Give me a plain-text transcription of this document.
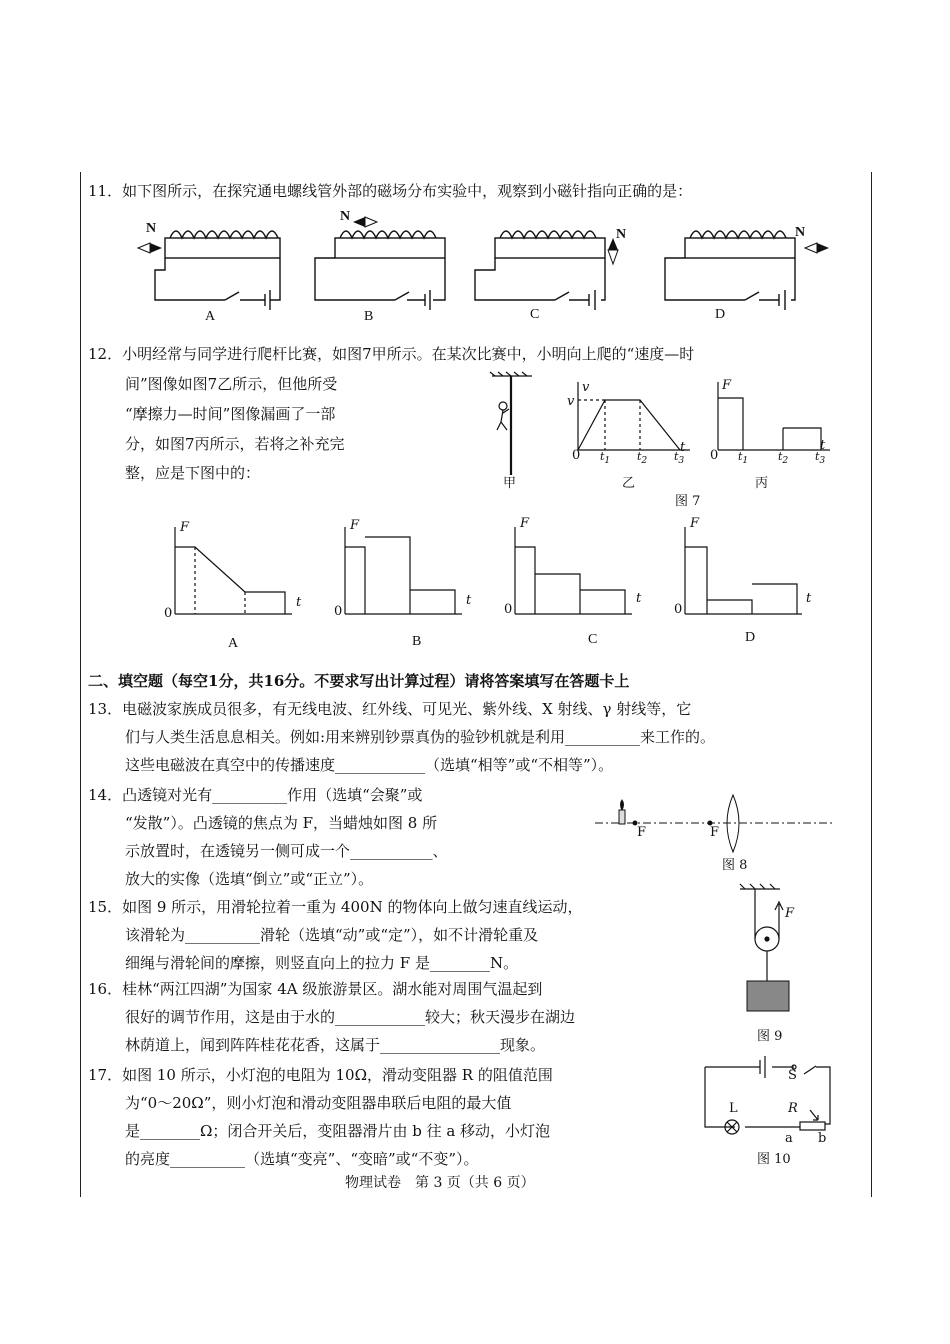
11．如下图所示，在探究通电螺线管外部的磁场分布实验中，观察到小磁针指向正确的是：
N
N
N	N
A	B	C	D
12．小明经常与同学进行爬杆比赛，如图7甲所示。在某次比赛中，小明向上爬的“速度—时
间”图像如图7乙所示，但他所受
“摩擦力—时间”图像漏画了一部
分，如图7丙所示，若将之补充完
整，应是下图中的：
v
v
t
0 $t_1$ $t_2$ $t_3$
F
t
0 $t_1$	$t_2$ $t_3$
甲	乙	丙
图 7
F	F	F	F
t	t	t	t
0	0	0	0
A	B	C	D
二、填空题（每空1分，共16分。不要求写出计算过程）请将答案填写在答题卡上
13．电磁波家族成员很多，有无线电波、红外线、可见光、紫外线、X 射线、γ 射线等，它
们与人类生活息息相关。例如:用来辨别钞票真伪的验钞机就是利用__________来工作的。
这些电磁波在真空中的传播速度____________（选填“相等”或“不相等”）。
14．凸透镜对光有__________作用（选填“会聚”或
“发散”）。凸透镜的焦点为 F，当蜡烛如图 8 所
示放置时，在透镜另一侧可成一个___________、
放大的实像（选填“倒立”或“正立”）。
F	F
图 8
15．如图 9 所示，用滑轮拉着一重为 400N 的物体向上做匀速直线运动，
该滑轮为__________滑轮（选填“动”或“定”），如不计滑轮重及
细绳与滑轮间的摩擦，则竖直向上的拉力 F 是________N。
F
图 9
16．桂林“两江四湖”为国家 4A 级旅游景区。湖水能对周围气温起到
很好的调节作用，这是由于水的____________较大；秋天漫步在湖边
林荫道上，闻到阵阵桂花花香，这属于________________现象。
17．如图 10 所示，小灯泡的电阻为 10Ω，滑动变阻器 R 的阻值范围
为“0～20Ω”，则小灯泡和滑动变阻器串联后电阻的最大值
是________Ω；闭合开关后，变阻器滑片由 b 往 a 移动，小灯泡
的亮度__________（选填“变亮”、“变暗”或“不变”）。
S
L	R
a b
图 10
物理试卷　第 3 页（共 6 页）
